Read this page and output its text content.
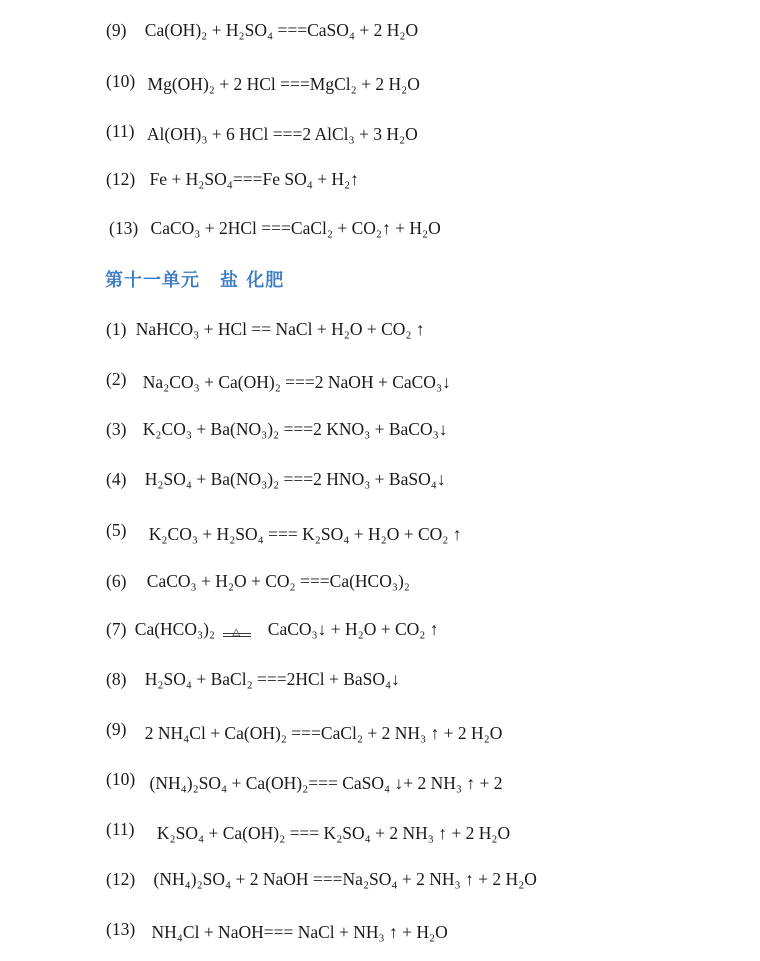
(9) Ca(OH)₂ + H₂SO₄ ===CaSO₄ + 2 H₂O
(10) Mg(OH)₂ + 2 HCl ===MgCl₂ + 2 H₂O
(11) Al(OH)₃ + 6 HCl ===2 AlCl₃ + 3 H₂O
(12) Fe + H₂SO₄===Fe SO₄ + H₂↑
(13) CaCO₃ + 2HCl ===CaCl₂ + CO₂↑ + H₂O
第十一单元 盐 化肥
(1) NaHCO₃ + HCl == NaCl + H₂O + CO₂ ↑
(2) Na₂CO₃ + Ca(OH)₂ ===2 NaOH + CaCO₃↓
(3) K₂CO₃ + Ba(NO₃)₂ ===2 KNO₃ + BaCO₃↓
(4) H₂SO₄ + Ba(NO₃)₂ ===2 HNO₃ + BaSO₄↓
(5) K₂CO₃ + H₂SO₄ === K₂SO₄ + H₂O + CO₂ ↑
(6) CaCO₃ + H₂O + CO₂ ===Ca(HCO₃)₂
(7) Ca(HCO₃)₂ △ CaCO₃↓ + H₂O + CO₂ ↑
(8) H₂SO₄ + BaCl₂ ===2HCl + BaSO₄↓
(9) 2 NH₄Cl + Ca(OH)₂ ===CaCl₂ + 2 NH₃ ↑ + 2 H₂O
(10) (NH₄)₂SO₄ + Ca(OH)₂=== CaSO₄ ↓+ 2 NH₃ ↑ + 2
(11) K₂SO₄ + Ca(OH)₂ === K₂SO₄ + 2 NH₃ ↑ + 2 H₂O
(12) (NH₄)₂SO₄ + 2 NaOH ===Na₂SO₄ + 2 NH₃ ↑ + 2 H₂O
(13) NH₄Cl + NaOH=== NaCl + NH₃ ↑ + H₂O
